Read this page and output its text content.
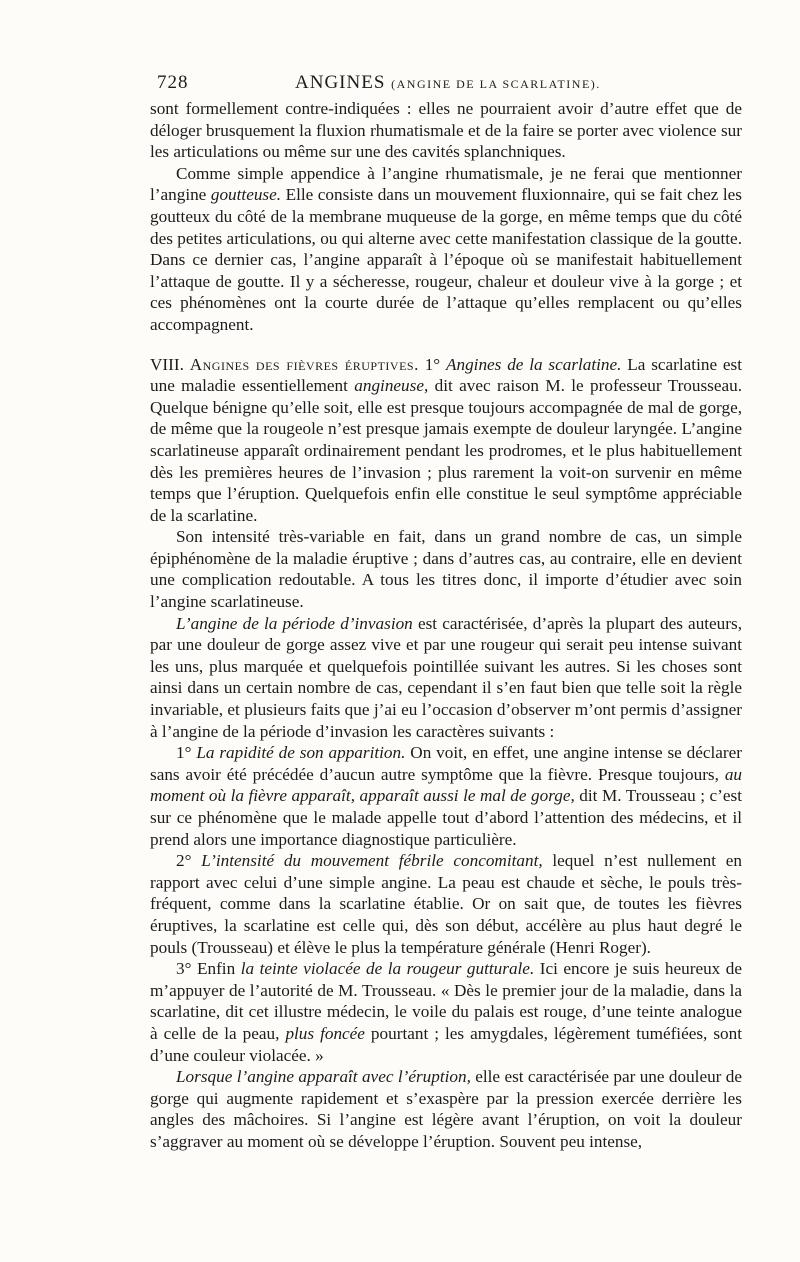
728	ANGINES (ANGINE DE LA SCARLATINE).

sont formellement contre-indiquées : elles ne pourraient avoir d’autre effet que de déloger brusquement la fluxion rhumatismale et de la faire se porter avec violence sur les articulations ou même sur une des cavités splanchniques.

Comme simple appendice à l’angine rhumatismale, je ne ferai que mentionner l’angine goutteuse. Elle consiste dans un mouvement fluxionnaire, qui se fait chez les goutteux du côté de la membrane muqueuse de la gorge, en même temps que du côté des petites articulations, ou qui alterne avec cette manifestation classique de la goutte. Dans ce dernier cas, l’angine apparaît à l’époque où se manifestait habituellement l’attaque de goutte. Il y a sécheresse, rougeur, chaleur et douleur vive à la gorge ; et ces phénomènes ont la courte durée de l’attaque qu’elles remplacent ou qu’elles accompagnent.

VIII. Angines des fièvres éruptives. 1° Angines de la scarlatine. La scarlatine est une maladie essentiellement angineuse, dit avec raison M. le professeur Trousseau. Quelque bénigne qu’elle soit, elle est presque toujours accompagnée de mal de gorge, de même que la rougeole n’est presque jamais exempte de douleur laryngée. L’angine scarlatineuse apparaît ordinairement pendant les prodromes, et le plus habituellement dès les premières heures de l’invasion ; plus rarement la voit-on survenir en même temps que l’éruption. Quelquefois enfin elle constitue le seul symptôme appréciable de la scarlatine.

Son intensité très-variable en fait, dans un grand nombre de cas, un simple épiphénomène de la maladie éruptive ; dans d’autres cas, au contraire, elle en devient une complication redoutable. A tous les titres donc, il importe d’étudier avec soin l’angine scarlatineuse.

L’angine de la période d’invasion est caractérisée, d’après la plupart des auteurs, par une douleur de gorge assez vive et par une rougeur qui serait peu intense suivant les uns, plus marquée et quelquefois pointillée suivant les autres. Si les choses sont ainsi dans un certain nombre de cas, cependant il s’en faut bien que telle soit la règle invariable, et plusieurs faits que j’ai eu l’occasion d’observer m’ont permis d’assigner à l’angine de la période d’invasion les caractères suivants :

1° La rapidité de son apparition. On voit, en effet, une angine intense se déclarer sans avoir été précédée d’aucun autre symptôme que la fièvre. Presque toujours, au moment où la fièvre apparaît, apparaît aussi le mal de gorge, dit M. Trousseau ; c’est sur ce phénomène que le malade appelle tout d’abord l’attention des médecins, et il prend alors une importance diagnostique particulière.

2° L’intensité du mouvement fébrile concomitant, lequel n’est nullement en rapport avec celui d’une simple angine. La peau est chaude et sèche, le pouls très-fréquent, comme dans la scarlatine établie. Or on sait que, de toutes les fièvres éruptives, la scarlatine est celle qui, dès son début, accélère au plus haut degré le pouls (Trousseau) et élève le plus la température générale (Henri Roger).

3° Enfin la teinte violacée de la rougeur gutturale. Ici encore je suis heureux de m’appuyer de l’autorité de M. Trousseau. « Dès le premier jour de la maladie, dans la scarlatine, dit cet illustre médecin, le voile du palais est rouge, d’une teinte analogue à celle de la peau, plus foncée pourtant ; les amygdales, légèrement tuméfiées, sont d’une couleur violacée. »

Lorsque l’angine apparaît avec l’éruption, elle est caractérisée par une douleur de gorge qui augmente rapidement et s’exaspère par la pression exercée derrière les angles des mâchoires. Si l’angine est légère avant l’éruption, on voit la douleur s’aggraver au moment où se développe l’éruption. Souvent peu intense,
